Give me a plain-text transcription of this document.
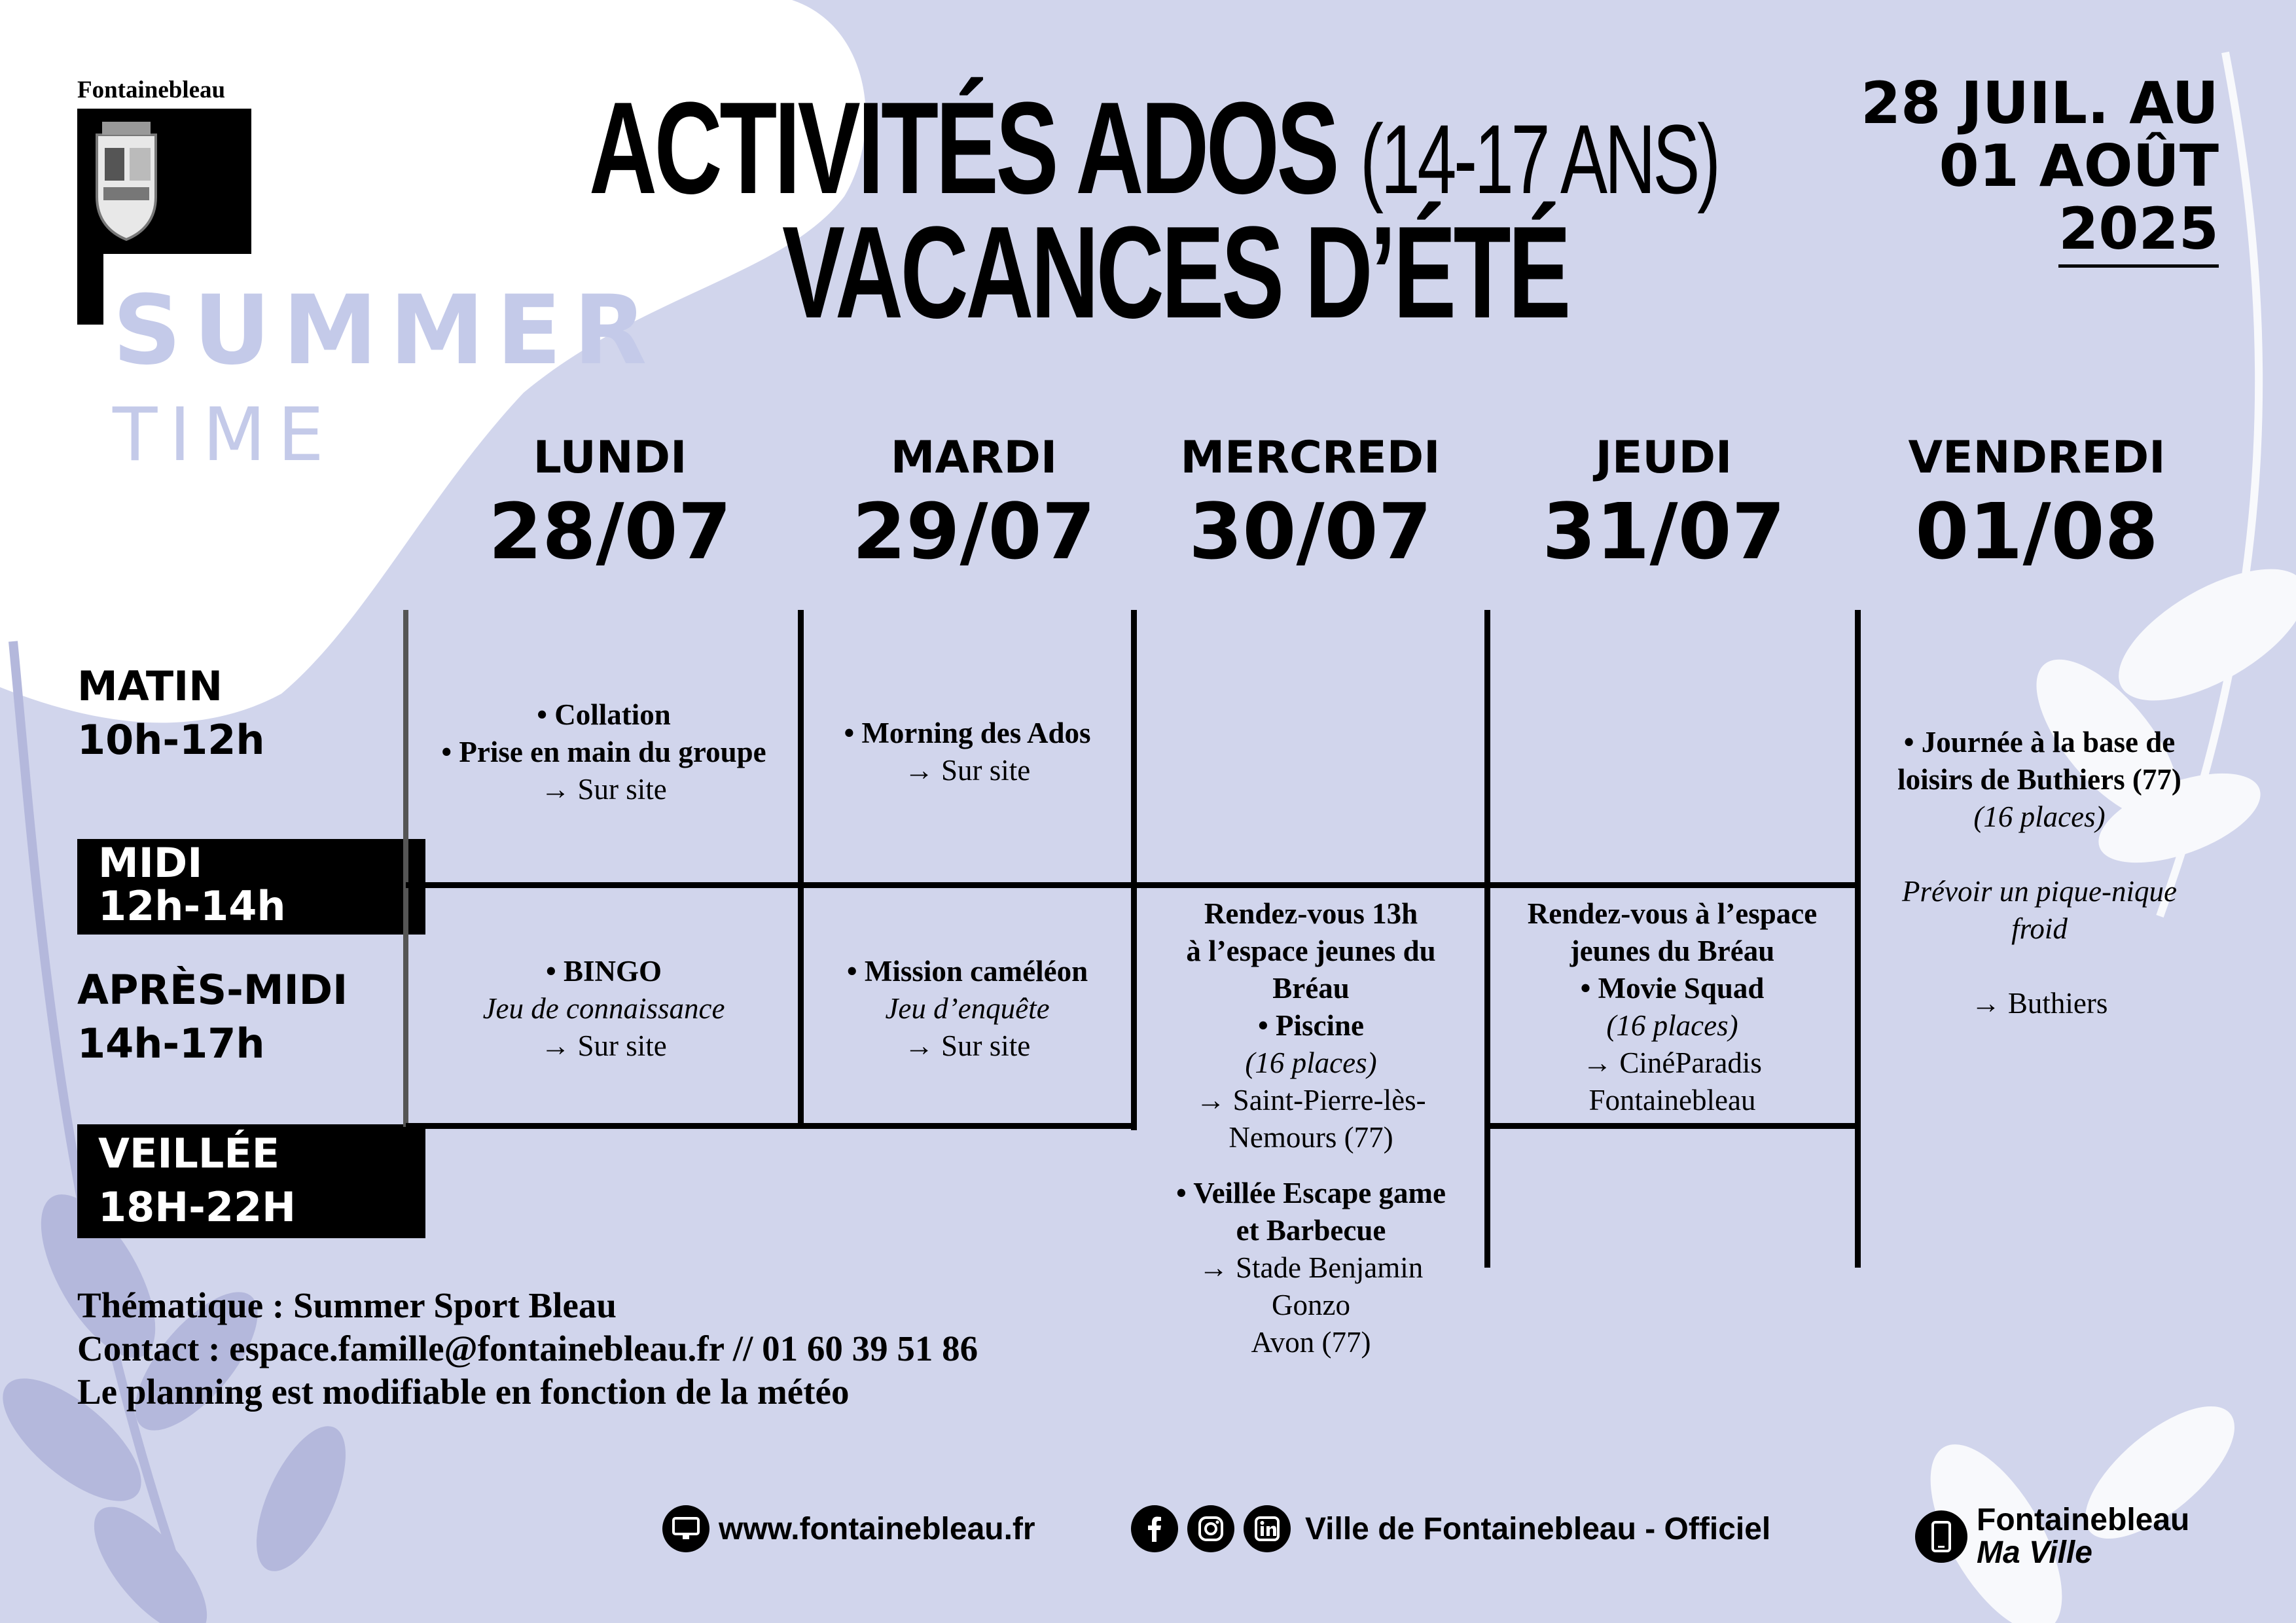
Fontainebleau
SUMMER
TIME
ACTIVITÉS ADOS (14-17 ANS)
VACANCES D’ÉTÉ
28 JUIL. AU
01 AOÛT
2025
LUNDI
28/07
MARDI
29/07
MERCREDI
30/07
JEUDI
31/07
VENDREDI
01/08
MATIN
10h-12h
MIDI
12h-14h
APRÈS-MIDI
14h-17h
VEILLÉE
18H-22H
• Collation
• Prise en main du groupe
→ Sur site
• Morning des Ados
→ Sur site
• Journée à la base de
loisirs de Buthiers (77)
(16 places)
Prévoir un pique-nique
froid
→ Buthiers
• BINGO
Jeu de connaissance
→ Sur site
• Mission caméléon
Jeu d’enquête
→ Sur site
Rendez-vous 13h
à l’espace jeunes du
Bréau
• Piscine
(16 places)
→ Saint-Pierre-lès-
Nemours (77)
• Veillée Escape game
et Barbecue
→ Stade Benjamin
Gonzo
Avon (77)
Rendez-vous à l’espace
jeunes du Bréau
• Movie Squad
(16 places)
→ CinéParadis
Fontainebleau
Thématique : Summer Sport Bleau
Contact : espace.famille@fontainebleau.fr // 01 60 39 51 86
Le planning est modifiable en fonction de la météo
www.fontainebleau.fr	Ville de Fontainebleau - Officiel	Fontainebleau
Ma Ville
